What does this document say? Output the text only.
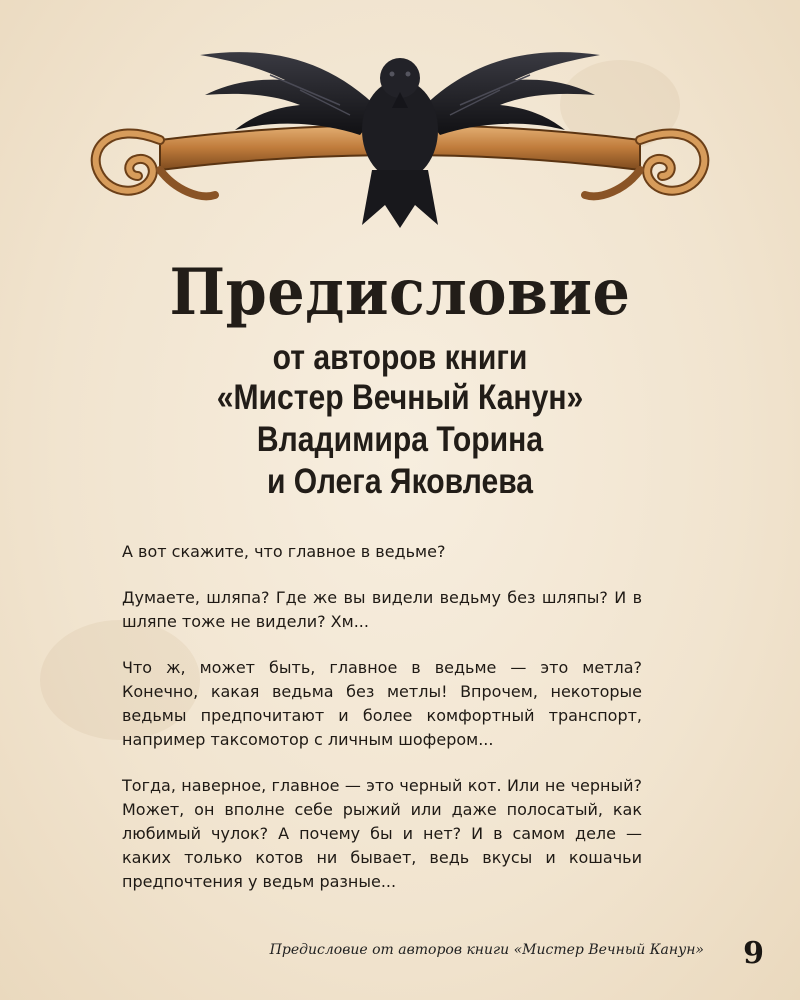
Предисловие
от авторов книги
«Мистер Вечный Канун»
Владимира Торина
и Олега Яковлева

А вот скажите, что главное в ведьме?

Думаете, шляпа? Где же вы видели ведьму без шляпы? И в шляпе тоже не видели? Хм...

Что ж, может быть, главное в ведьме — это метла? Конечно, какая ведьма без метлы! Впрочем, некоторые ведьмы предпочитают и более комфортный транспорт, например таксомотор с личным шофером...

Тогда, наверное, главное — это черный кот. Или не черный? Может, он вполне себе рыжий или даже полосатый, как любимый чулок? А почему бы и нет? И в самом деле — каких только котов ни бывает, ведь вкусы и кошачьи предпочтения у ведьм разные...

Предисловие от авторов книги «Мистер Вечный Канун» 9
